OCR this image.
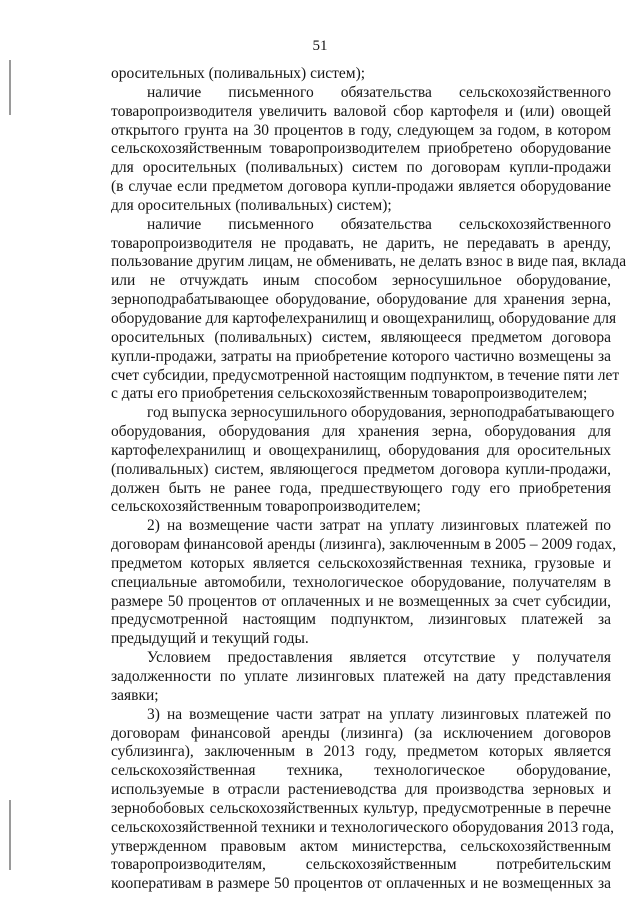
51
оросительных (поливальных) систем);
наличие письменного обязательства сельскохозяйственного
товаропроизводителя увеличить валовой сбор картофеля и (или) овощей
открытого грунта на 30 процентов в году, следующем за годом, в котором
сельскохозяйственным товаропроизводителем приобретено оборудование
для оросительных (поливальных) систем по договорам купли-продажи
(в случае если предметом договора купли-продажи является оборудование
для оросительных (поливальных) систем);
наличие письменного обязательства сельскохозяйственного
товаропроизводителя не продавать, не дарить, не передавать в аренду,
пользование другим лицам, не обменивать, не делать взнос в виде пая, вклада
или не отчуждать иным способом зерносушильное оборудование,
зерноподрабатывающее оборудование, оборудование для хранения зерна,
оборудование для картофелехранилищ и овощехранилищ, оборудование для
оросительных (поливальных) систем, являющееся предметом договора
купли-продажи, затраты на приобретение которого частично возмещены за
счет субсидии, предусмотренной настоящим подпунктом, в течение пяти лет
с даты его приобретения сельскохозяйственным товаропроизводителем;
год выпуска зерносушильного оборудования, зерноподрабатывающего
оборудования, оборудования для хранения зерна, оборудования для
картофелехранилищ и овощехранилищ, оборудования для оросительных
(поливальных) систем, являющегося предметом договора купли-продажи,
должен быть не ранее года, предшествующего году его приобретения
сельскохозяйственным товаропроизводителем;
2) на возмещение части затрат на уплату лизинговых платежей по
договорам финансовой аренды (лизинга), заключенным в 2005 – 2009 годах,
предметом которых является сельскохозяйственная техника, грузовые и
специальные автомобили, технологическое оборудование, получателям в
размере 50 процентов от оплаченных и не возмещенных за счет субсидии,
предусмотренной настоящим подпунктом, лизинговых платежей за
предыдущий и текущий годы.
Условием предоставления является отсутствие у получателя
задолженности по уплате лизинговых платежей на дату представления
заявки;
3) на возмещение части затрат на уплату лизинговых платежей по
договорам финансовой аренды (лизинга) (за исключением договоров
сублизинга), заключенным в 2013 году, предметом которых является
сельскохозяйственная техника, технологическое оборудование,
используемые в отрасли растениеводства для производства зерновых и
зернобобовых сельскохозяйственных культур, предусмотренные в перечне
сельскохозяйственной техники и технологического оборудования 2013 года,
утвержденном правовым актом министерства, сельскохозяйственным
товаропроизводителям, сельскохозяйственным потребительским
кооперативам в размере 50 процентов от оплаченных и не возмещенных за
